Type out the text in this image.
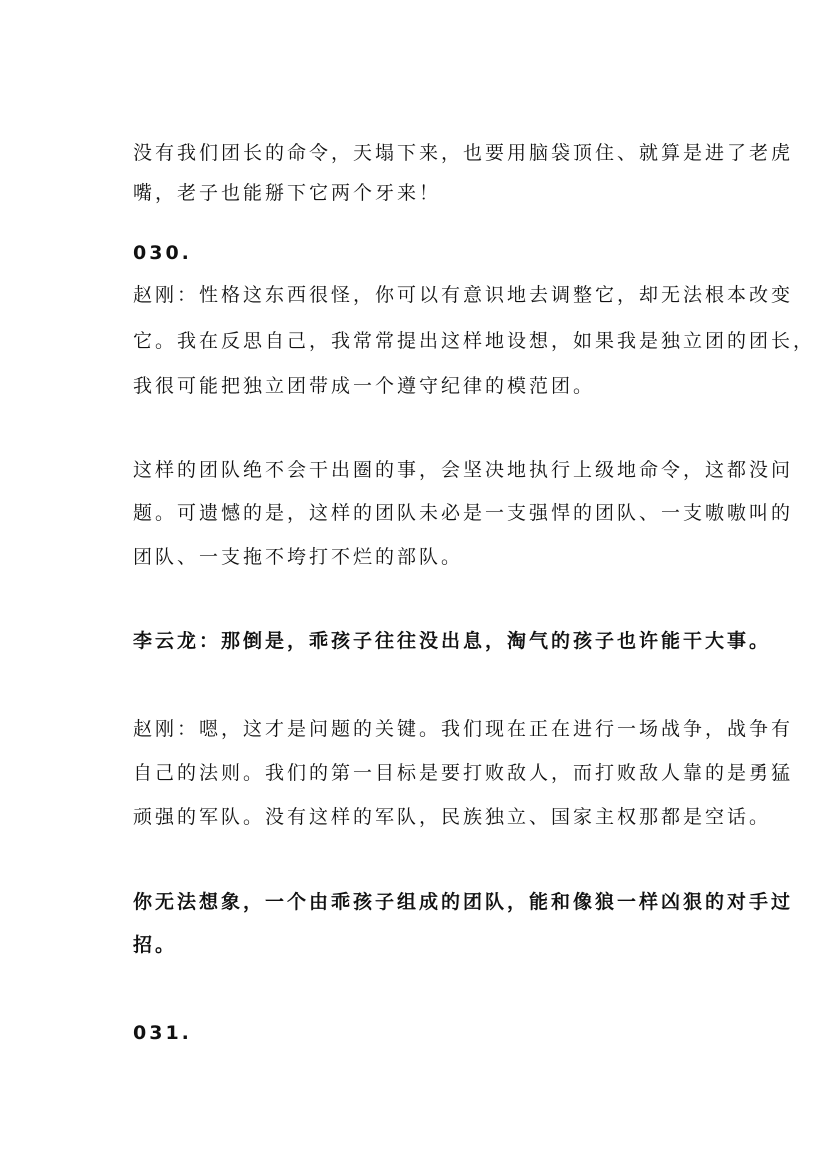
没有我们团长的命令，天塌下来，也要用脑袋顶住、就算是进了老虎
嘴，老子也能掰下它两个牙来！
030.
赵刚：性格这东西很怪，你可以有意识地去调整它，却无法根本改变
它。我在反思自己，我常常提出这样地设想，如果我是独立团的团长，
我很可能把独立团带成一个遵守纪律的模范团。
这样的团队绝不会干出圈的事，会坚决地执行上级地命令，这都没问
题。可遗憾的是，这样的团队未必是一支强悍的团队、一支嗷嗷叫的
团队、一支拖不垮打不烂的部队。
李云龙：那倒是，乖孩子往往没出息，淘气的孩子也许能干大事。
赵刚：嗯，这才是问题的关键。我们现在正在进行一场战争，战争有
自己的法则。我们的第一目标是要打败敌人，而打败敌人靠的是勇猛
顽强的军队。没有这样的军队，民族独立、国家主权那都是空话。
你无法想象，一个由乖孩子组成的团队，能和像狼一样凶狠的对手过
招。
031.
